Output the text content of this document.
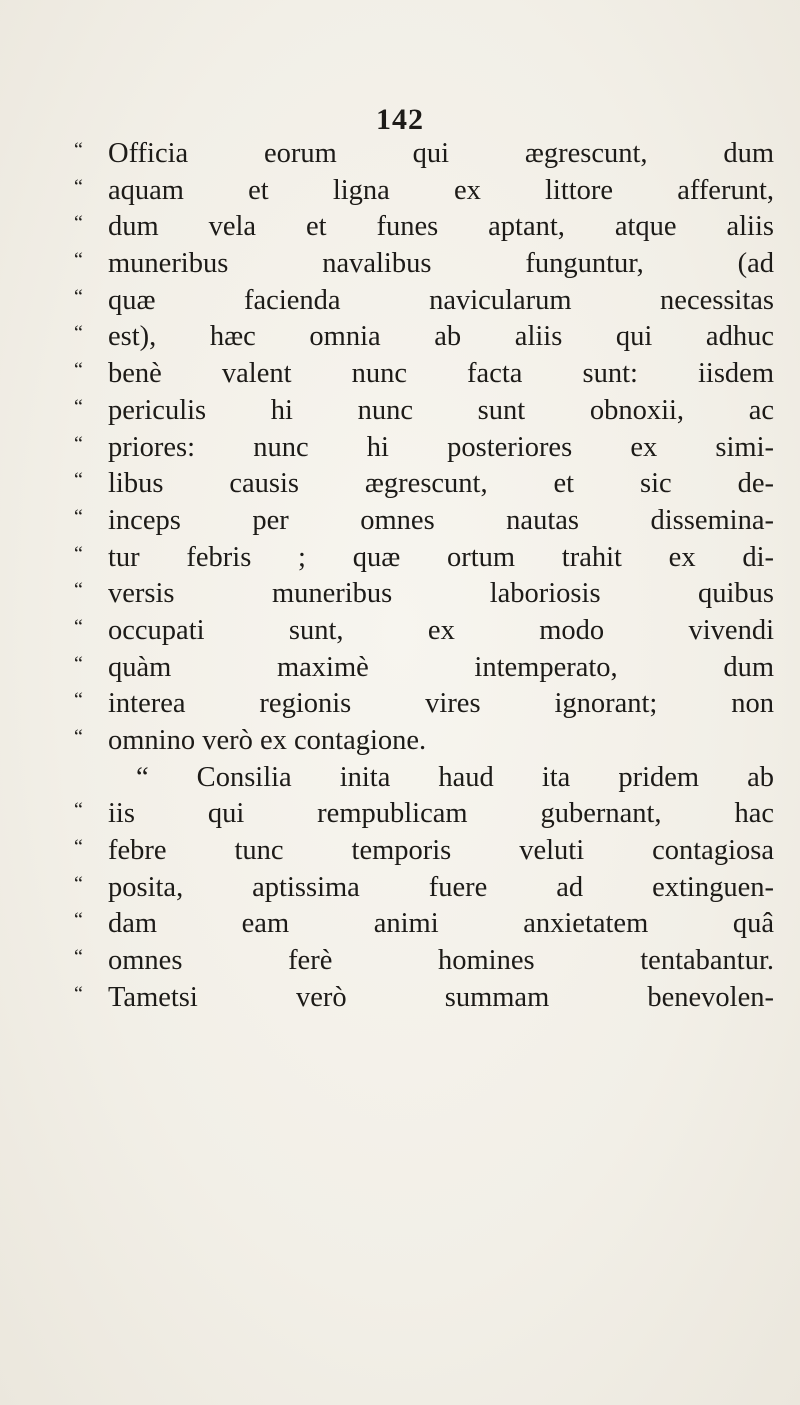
142
“ Officia eorum qui ægrescunt, dum
“ aquam et ligna ex littore afferunt,
“ dum vela et funes aptant, atque aliis
“ muneribus navalibus funguntur, (ad
“ quæ facienda navicularum necessitas
“ est), hæc omnia ab aliis qui adhuc
“ benè valent nunc facta sunt: iisdem
“ periculis hi nunc sunt obnoxii, ac
“ priores: nunc hi posteriores ex simi-
“ libus causis ægrescunt, et sic de-
“ inceps per omnes nautas dissemina-
“ tur febris ; quæ ortum trahit ex di-
“ versis muneribus laboriosis quibus
“ occupati sunt, ex modo vivendi
“ quàm maximè intemperato, dum
“ interea regionis vires ignorant; non
“ omnino verò ex contagione.
“ Consilia inita haud ita pridem ab
“ iis qui rempublicam gubernant, hac
“ febre tunc temporis veluti contagiosa
“ posita, aptissima fuere ad extinguen-
“ dam eam animi anxietatem quâ
“ omnes ferè homines tentabantur.
“ Tametsi verò summam benevolen-
